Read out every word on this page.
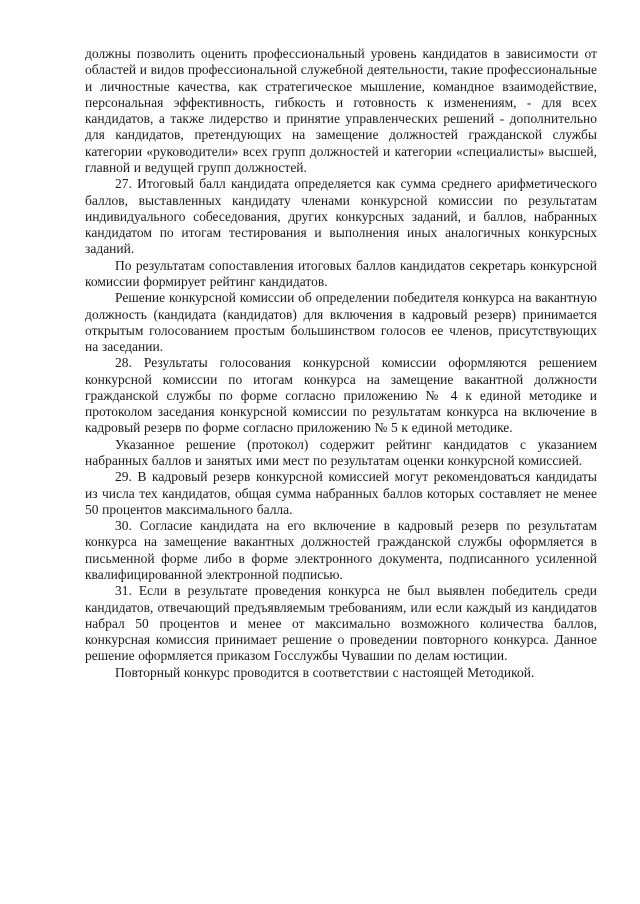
должны позволить оценить профессиональный уровень кандидатов в зависимости от областей и видов профессиональной служебной деятельности, такие профессиональные и личностные качества, как стратегическое мышление, командное взаимодействие, персональная эффективность, гибкость и готовность к изменениям, - для всех кандидатов, а также лидерство и принятие управленческих решений - дополнительно для кандидатов, претендующих на замещение должностей гражданской службы категории «руководители» всех групп должностей и категории «специалисты» высшей, главной и ведущей групп должностей.

27. Итоговый балл кандидата определяется как сумма среднего арифметического баллов, выставленных кандидату членами конкурсной комиссии по результатам индивидуального собеседования, других конкурсных заданий, и баллов, набранных кандидатом по итогам тестирования и выполнения иных аналогичных конкурсных заданий.

По результатам сопоставления итоговых баллов кандидатов секретарь конкурсной комиссии формирует рейтинг кандидатов.

Решение конкурсной комиссии об определении победителя конкурса на вакантную должность (кандидата (кандидатов) для включения в кадровый резерв) принимается открытым голосованием простым большинством голосов ее членов, присутствующих на заседании.

28. Результаты голосования конкурсной комиссии оформляются решением конкурсной комиссии по итогам конкурса на замещение вакантной должности гражданской службы по форме согласно приложению № 4 к единой методике и протоколом заседания конкурсной комиссии по результатам конкурса на включение в кадровый резерв по форме согласно приложению № 5 к единой методике.

Указанное решение (протокол) содержит рейтинг кандидатов с указанием набранных баллов и занятых ими мест по результатам оценки конкурсной комиссией.

29. В кадровый резерв конкурсной комиссией могут рекомендоваться кандидаты из числа тех кандидатов, общая сумма набранных баллов которых составляет не менее 50 процентов максимального балла.

30. Согласие кандидата на его включение в кадровый резерв по результатам конкурса на замещение вакантных должностей гражданской службы оформляется в письменной форме либо в форме электронного документа, подписанного усиленной квалифицированной электронной подписью.

31. Если в результате проведения конкурса не был выявлен победитель среди кандидатов, отвечающий предъявляемым требованиям, или если каждый из кандидатов набрал 50 процентов и менее от максимально возможного количества баллов, конкурсная комиссия принимает решение о проведении повторного конкурса. Данное решение оформляется приказом Госслужбы Чувашии по делам юстиции.

Повторный конкурс проводится в соответствии с настоящей Методикой.
